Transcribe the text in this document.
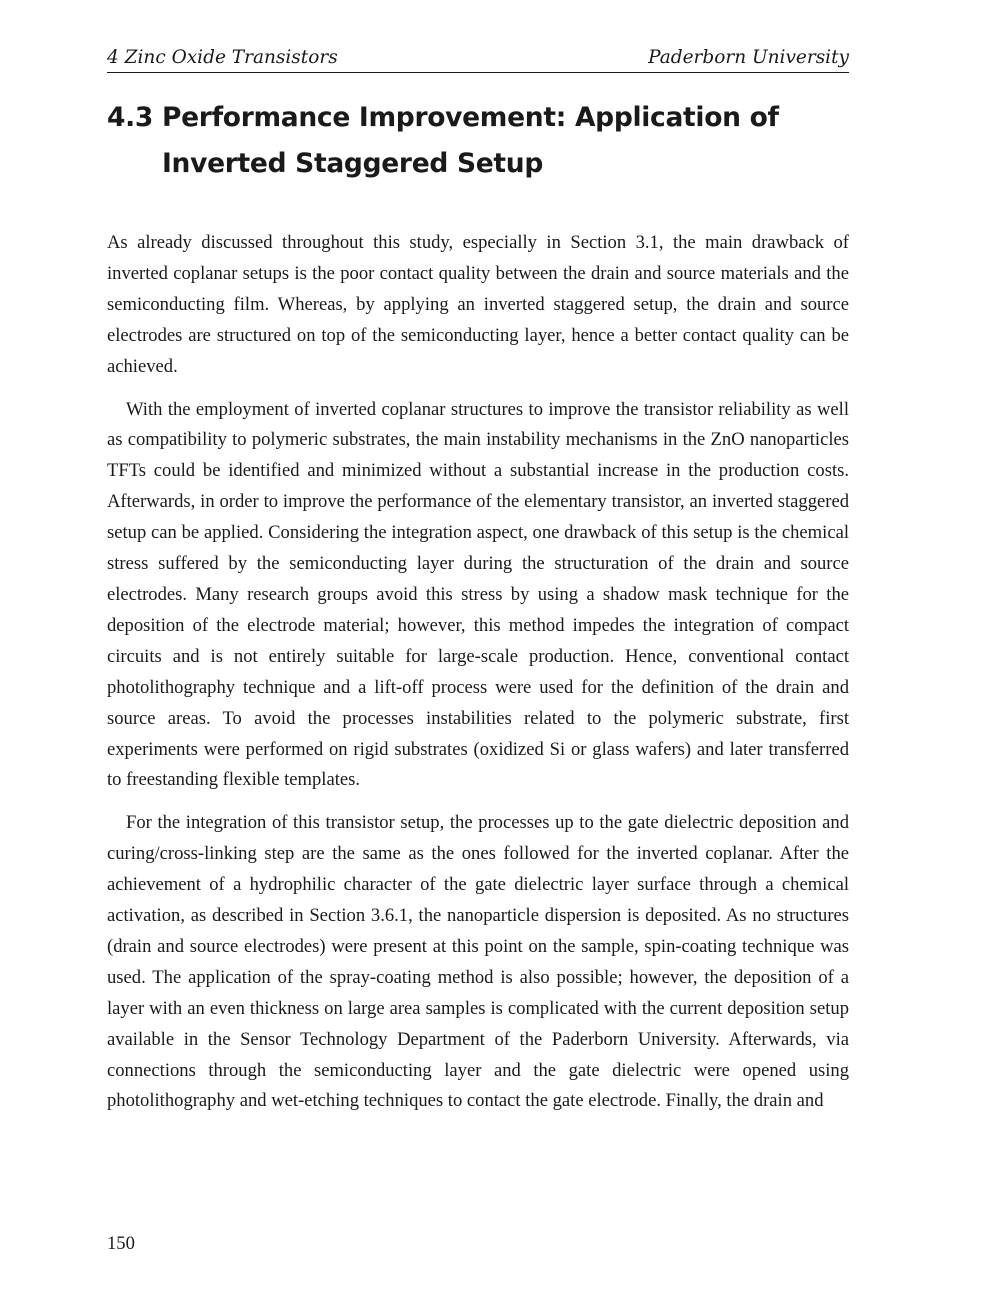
4 Zinc Oxide Transistors	Paderborn University
4.3 Performance Improvement: Application of Inverted Staggered Setup

As already discussed throughout this study, especially in Section 3.1, the main drawback of inverted coplanar setups is the poor contact quality between the drain and source materials and the semiconducting film. Whereas, by applying an inverted staggered setup, the drain and source electrodes are structured on top of the semiconducting layer, hence a better contact quality can be achieved.

With the employment of inverted coplanar structures to improve the transistor reliability as well as compatibility to polymeric substrates, the main instability mechanisms in the ZnO nanoparticles TFTs could be identified and minimized without a substantial increase in the production costs. Afterwards, in order to improve the performance of the elementary transistor, an inverted staggered setup can be applied. Considering the integration aspect, one drawback of this setup is the chemical stress suffered by the semiconducting layer during the structuration of the drain and source electrodes. Many research groups avoid this stress by using a shadow mask technique for the deposition of the electrode material; however, this method impedes the integration of compact circuits and is not entirely suitable for large-scale production. Hence, conventional contact photolithography technique and a lift-off process were used for the definition of the drain and source areas. To avoid the processes instabilities related to the polymeric substrate, first experiments were performed on rigid substrates (oxidized Si or glass wafers) and later transferred to freestanding flexible templates.

For the integration of this transistor setup, the processes up to the gate dielectric deposition and curing/cross-linking step are the same as the ones followed for the inverted coplanar. After the achievement of a hydrophilic character of the gate dielectric layer surface through a chemical activation, as described in Section 3.6.1, the nanoparticle dispersion is deposited. As no structures (drain and source electrodes) were present at this point on the sample, spin-coating technique was used. The application of the spray-coating method is also possible; however, the deposition of a layer with an even thickness on large area samples is complicated with the current deposition setup available in the Sensor Technology Department of the Paderborn University. Afterwards, via connections through the semiconducting layer and the gate dielectric were opened using photolithography and wet-etching techniques to contact the gate electrode. Finally, the drain and

150
